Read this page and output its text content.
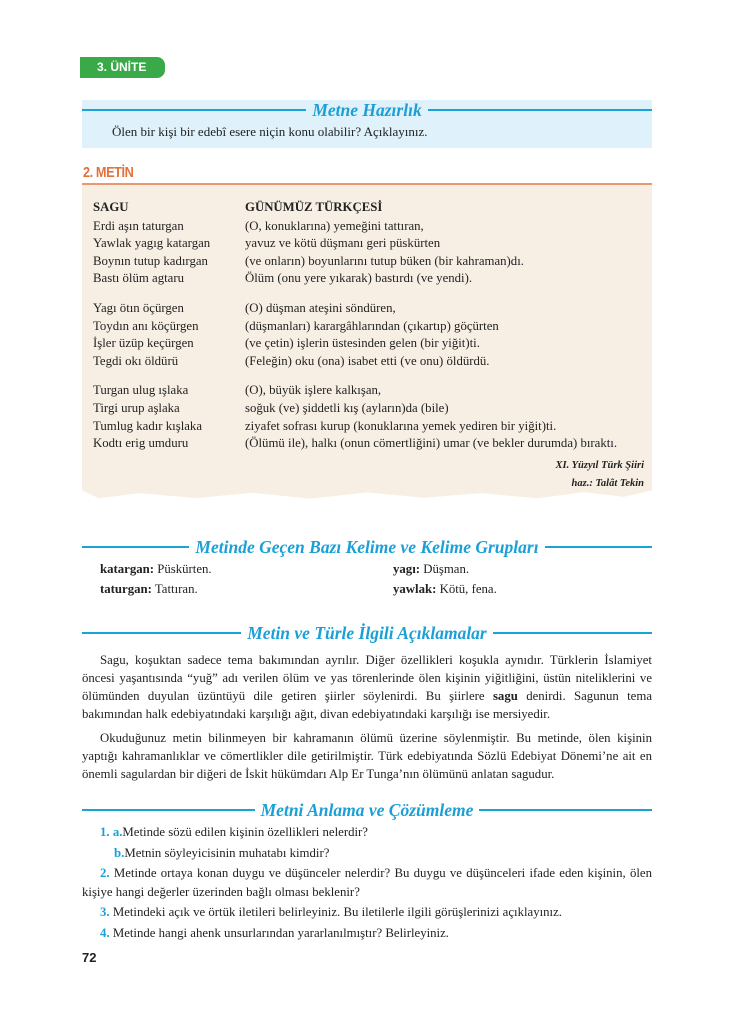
3. ÜNİTE
Metne Hazırlık
Ölen bir kişi bir edebî esere niçin konu olabilir? Açıklayınız.
2. METİN
SAGU
Erdi aşın taturgan
Yawlak yagıg katargan
Boynın tutup kadırgan
Bastı ölüm agtaru
Yagı ötın öçürgen
Toydın anı köçürgen
İşler üzüp keçürgen
Tegdi okı öldürü
Turgan ulug ışlaka
Tirgi urup aşlaka
Tumlug kadır kışlaka
Kodtı erig umduru
GÜNÜMÜZ TÜRKÇESİ
(O, konuklarına) yemeğini tattıran,
yavuz ve kötü düşmanı geri püskürten
(ve onların) boyunlarını tutup büken (bir kahraman)dı.
Ölüm (onu yere yıkarak) bastırdı (ve yendi).
(O) düşman ateşini söndüren,
(düşmanları) karargâhlarından (çıkartıp) göçürten
(ve çetin) işlerin üstesinden gelen (bir yiğit)ti.
(Feleğin) oku (ona) isabet etti (ve onu) öldürdü.
(O), büyük işlere kalkışan,
soğuk (ve) şiddetli kış (ayların)da (bile)
ziyafet sofrası kurup (konuklarına yemek yediren bir yiğit)ti.
(Ölümü ile), halkı (onun cömertliğini) umar (ve bekler durumda) bıraktı.
XI. Yüzyıl Türk Şiiri
haz.: Talât Tekin
Metinde Geçen Bazı Kelime ve Kelime Grupları
katargan: Püskürten.	yagı: Düşman.
taturgan: Tattıran.	yawlak: Kötü, fena.
Metin ve Türle İlgili Açıklamalar

Sagu, koşuktan sadece tema bakımından ayrılır. Diğer özellikleri koşukla aynıdır. Türklerin İslamiyet öncesi yaşantısında “yuğ” adı verilen ölüm ve yas törenlerinde ölen kişinin yiğitliğini, üstün niteliklerini ve ölümünden duyulan üzüntüyü dile getiren şiirler söylenirdi. Bu şiirlere sagu denirdi. Sagunun tema bakımından halk edebiyatındaki karşılığı ağıt, divan edebiyatındaki karşılığı ise mersiyedir.

Okuduğunuz metin bilinmeyen bir kahramanın ölümü üzerine söylenmiştir. Bu metinde, ölen kişinin yaptığı kahramanlıklar ve cömertlikler dile getirilmiştir. Türk edebiyatında Sözlü Edebiyat Dönemi’ne ait en önemli sagulardan bir diğeri de İskit hükümdarı Alp Er Tunga’nın ölümünü anlatan sagudur.

Metni Anlama ve Çözümleme
1. a.Metinde sözü edilen kişinin özellikleri nelerdir?
b.Metnin söyleyicisinin muhatabı kimdir?

2. Metinde ortaya konan duygu ve düşünceler nelerdir? Bu duygu ve düşünceleri ifade eden kişinin, ölen kişiye hangi değerler üzerinden bağlı olması beklenir?

3. Metindeki açık ve örtük iletileri belirleyiniz. Bu iletilerle ilgili görüşlerinizi açıklayınız.
4. Metinde hangi ahenk unsurlarından yararlanılmıştır? Belirleyiniz.
72
